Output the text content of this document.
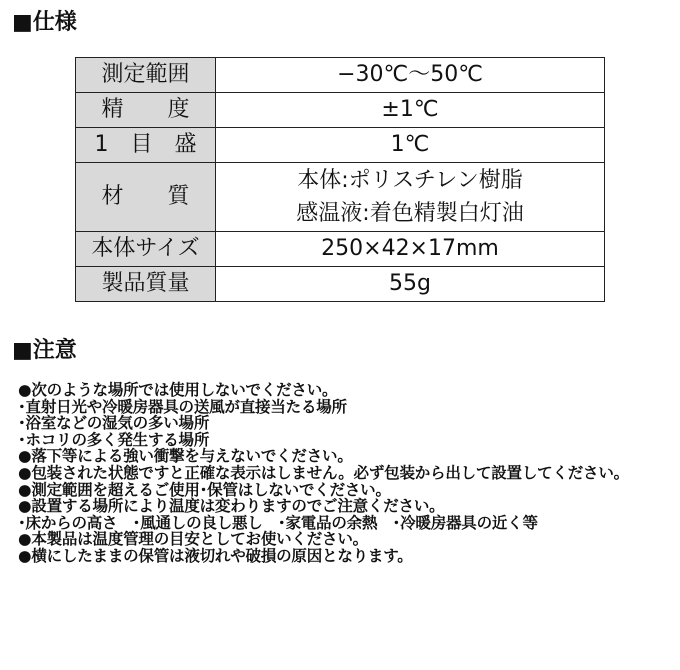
■仕様
測定範囲	−30℃〜50℃
精　　度	±1℃
1　目　盛	1℃
材　　質	本体:ポリスチレン樹脂
感温液:着色精製白灯油

本体サイズ	250×42×17mm
製品質量	55g
■注意

●次のような場所では使用しないでください。

･直射日光や冷暖房器具の送風が直接当たる場所

･浴室などの湿気の多い場所

･ホコリの多く発生する場所

●落下等による強い衝撃を与えないでください。

●包装された状態ですと正確な表示はしません。必ず包装から出して設置してください。

●測定範囲を超えるご使用･保管はしないでください。

●設置する場所により温度は変わりますのでご注意ください。

･床からの高さ　･風通しの良し悪し　･家電品の余熱　･冷暖房器具の近く等

●本製品は温度管理の目安としてお使いください。

●横にしたままの保管は液切れや破損の原因となります。
